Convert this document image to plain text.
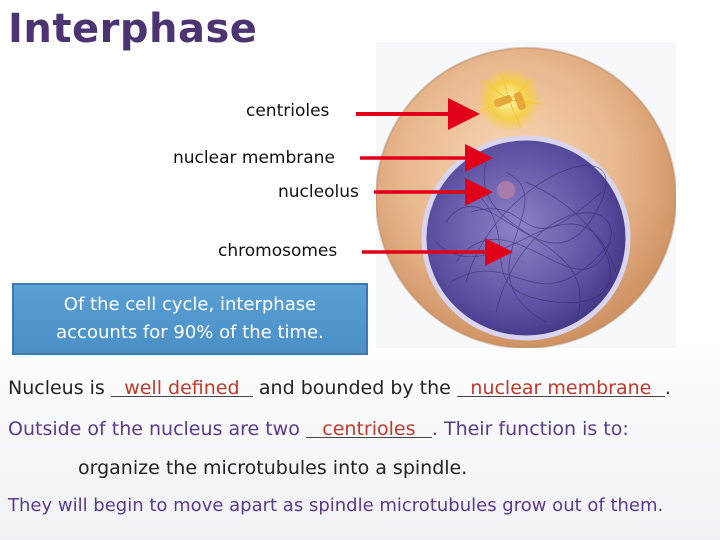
Interphase
centrioles
nuclear membrane
nucleolus
chromosomes
Of the cell cycle, interphase
accounts for 90% of the time.
Nucleus is well defined and bounded by the nuclear membrane .
Outside of the nucleus are two centrioles . Their function is to:
organize the microtubules into a spindle.
They will begin to move apart as spindle microtubules grow out of them.
